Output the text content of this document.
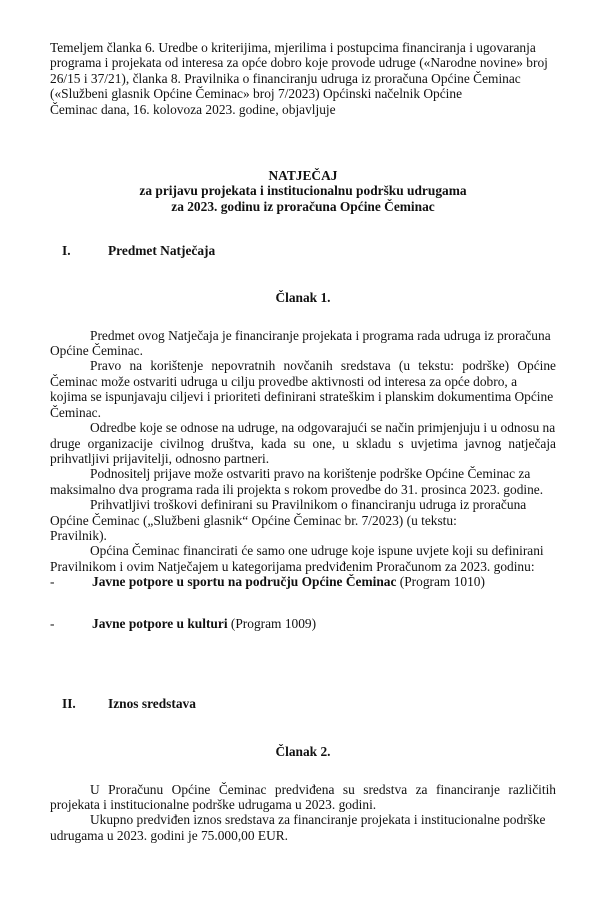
Temeljem članka 6. Uredbe o kriterijima, mjerilima i postupcima financiranja i ugovaranja
programa i projekata od interesa za opće dobro koje provode udruge («Narodne novine» broj
26/15 i 37/21), članka 8. Pravilnika o financiranju udruga iz proračuna Općine Čeminac
(«Službeni glasnik Općine Čeminac» broj 7/2023) Općinski načelnik Općine
Čeminac dana, 16. kolovoza 2023. godine, objavljuje
NATJEČAJ
za prijavu projekata i institucionalnu podršku udrugama
za 2023. godinu iz proračuna Općine Čeminac
I.	Predmet Natječaja
Članak 1.
Predmet ovog Natječaja je financiranje projekata i programa rada udruga iz proračuna
Općine Čeminac.
Pravo na korištenje nepovratnih novčanih sredstava (u tekstu: podrške) Općine
Čeminac može ostvariti udruga u cilju provedbe aktivnosti od interesa za opće dobro, a
kojima se ispunjavaju ciljevi i prioriteti definirani strateškim i planskim dokumentima Općine
Čeminac.
Odredbe koje se odnose na udruge, na odgovarajući se način primjenjuju i u odnosu na
druge organizacije civilnog društva, kada su one, u skladu s uvjetima javnog natječaja
prihvatljivi prijavitelji, odnosno partneri.
Podnositelj prijave može ostvariti pravo na korištenje podrške Općine Čeminac za
maksimalno dva programa rada ili projekta s rokom provedbe do 31. prosinca 2023. godine.
Prihvatljivi troškovi definirani su Pravilnikom o financiranju udruga iz proračuna
Općine Čeminac („Službeni glasnik“ Općine Čeminac br. 7/2023) (u tekstu:
Pravilnik).
Općina Čeminac financirati će samo one udruge koje ispune uvjete koji su definirani
Pravilnikom i ovim Natječajem u kategorijama predviđenim Proračunom za 2023. godinu:
-	Javne potpore u sportu na području Općine Čeminac (Program 1010)
-	Javne potpore u kulturi (Program 1009)
II. Iznos sredstava
Članak 2.
U Proračunu Općine Čeminac predviđena su sredstva za financiranje različitih
projekata i institucionalne podrške udrugama u 2023. godini.
Ukupno predviđen iznos sredstava za financiranje projekata i institucionalne podrške
udrugama u 2023. godini je 75.000,00 EUR.
